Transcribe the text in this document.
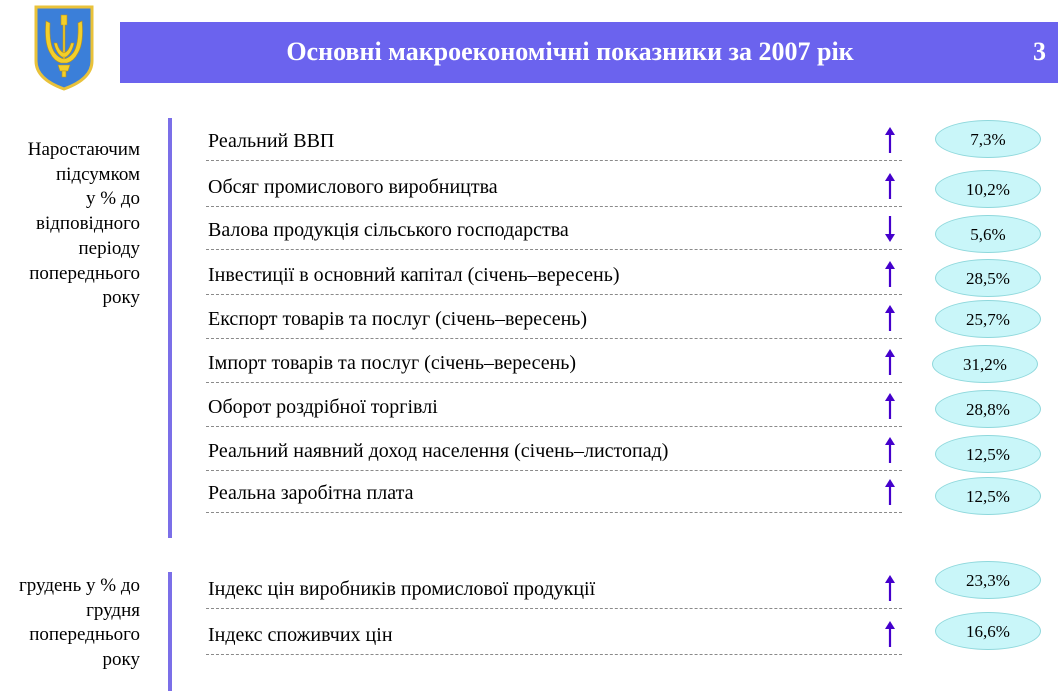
Основні макроекономічні показники за 2007 рік	3
Наростаючим
підсумком
у % до
відповідного
періоду
попереднього
року
Реальний ВВП	7,3%
Обсяг промислового виробництва	10,2%
Валова продукція сільського господарства	5,6%
Інвестиції в основний капітал (січень–вересень)	28,5%
Експорт товарів та послуг (січень–вересень)	25,7%
Імпорт товарів та послуг (січень–вересень)	31,2%
Оборот роздрібної торгівлі	28,8%
Реальний наявний доход населення (січень–листопад)	12,5%
Реальна заробітна плата	12,5%
грудень у % до
грудня
попереднього
року
Індекс цін виробників промислової продукції	23,3%
Індекс споживчих цін	16,6%
